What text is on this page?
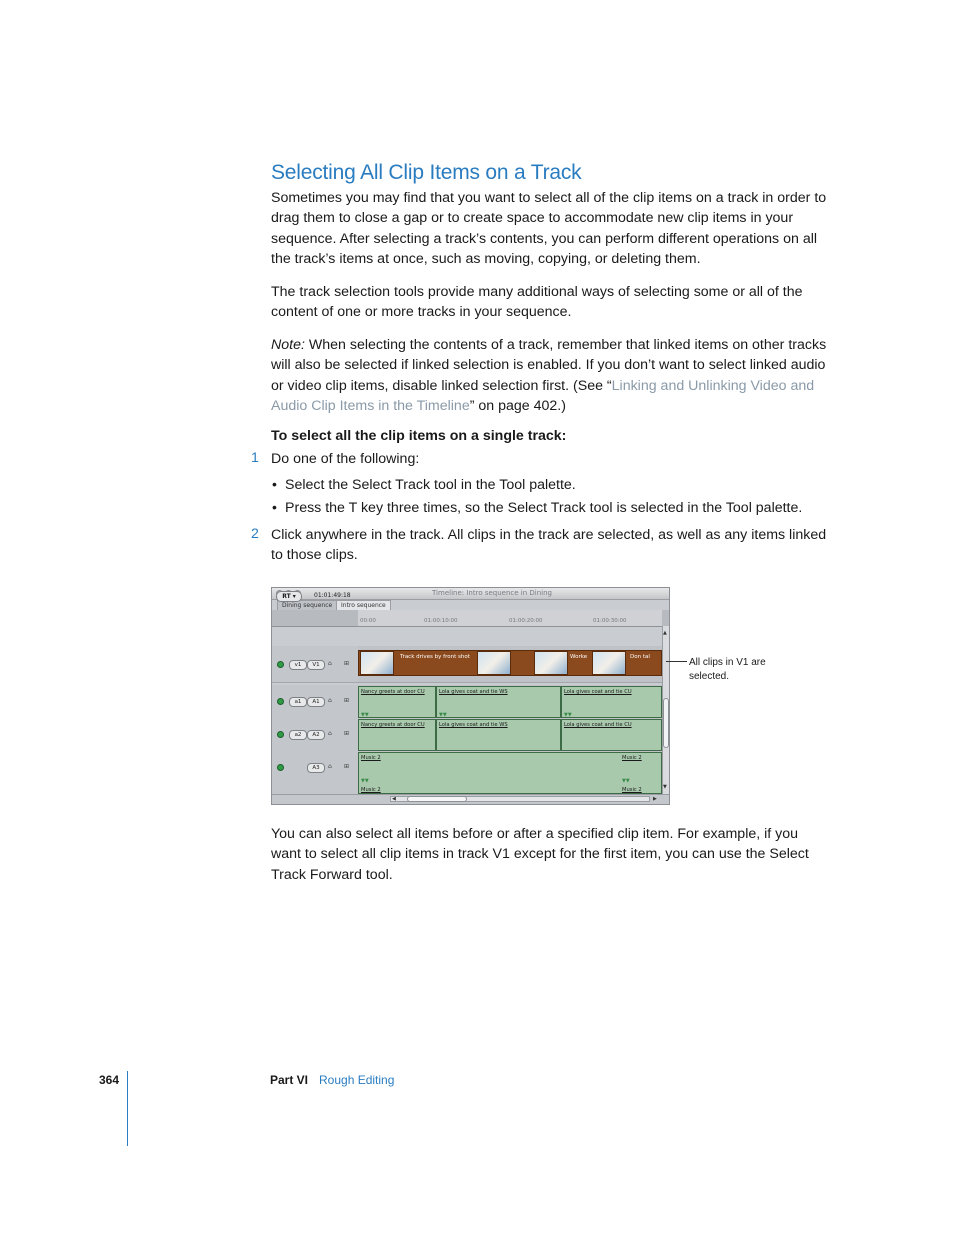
Selecting All Clip Items on a Track

Sometimes you may find that you want to select all of the clip items on a track in order to drag them to close a gap or to create space to accommodate new clip items in your sequence. After selecting a track’s contents, you can perform different operations on all the track’s items at once, such as moving, copying, or deleting them.

The track selection tools provide many additional ways of selecting some or all of the content of one or more tracks in your sequence.

Note: When selecting the contents of a track, remember that linked items on other tracks will also be selected if linked selection is enabled. If you don’t want to select linked audio or video clip items, disable linked selection first. (See “Linking and Unlinking Video and Audio Clip Items in the Timeline” on page 402.)

To select all the clip items on a single track:

1 Do one of the following:
• Select the Select Track tool in the Tool palette.
• Press the T key three times, so the Select Track tool is selected in the Tool palette.
2 Click anywhere in the track. All clips in the track are selected, as well as any items linked to those clips.
Timeline: Intro sequence in Dining
Dining sequence	Intro sequence
RT ▾	01:01:49:18
00:00	01:00:10:00	01:00:20:00	01:00:30:00
v1	V1	⌂ ⊞
Track drives by front shot	Worke	Don tal
a1	A1	⌂ ⊞
Nancy greets at door CU	Lola gives coat and tie WS	Lola gives coat and tie CU
▼▼	▼▼	▼▼
a2	A2	⌂ ⊞
Nancy greets at door CU	Lola gives coat and tie WS	Lola gives coat and tie CU
A3	⌂ ⊞
Music 2	Music 2
▼▼	▼▼
Music 2	Music 2
▲
▼
◀	▶
All clips in V1 are selected.

You can also select all items before or after a specified clip item. For example, if you want to select all clip items in track V1 except for the first item, you can use the Select Track Forward tool.

364	Part VI Rough Editing
